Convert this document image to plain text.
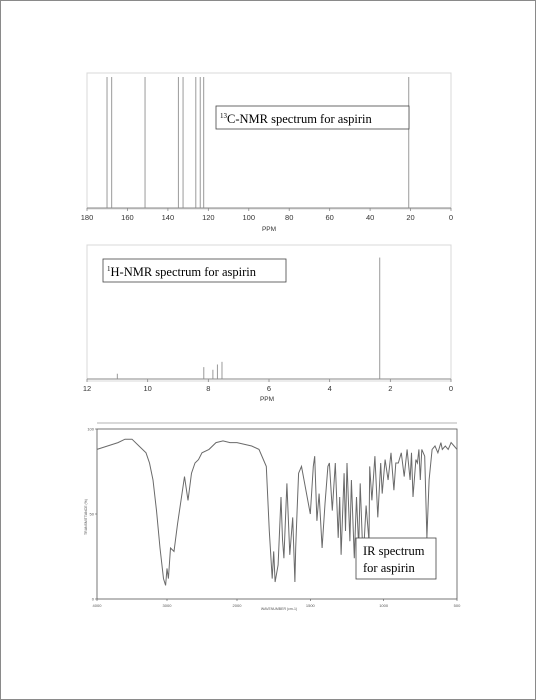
180	160	140	120	100	80	60	40	20	0
PPM
$^{13}$C-NMR spectrum for aspirin
12	10	8	6	4	2	0
PPM
$^1$H-NMR spectrum for aspirin
4000	3000	2000	1500	1000	500
100
50
0
WAVENUMBER (cm-1)
TRANSMITTANCE (%)
IR spectrum
for aspirin
